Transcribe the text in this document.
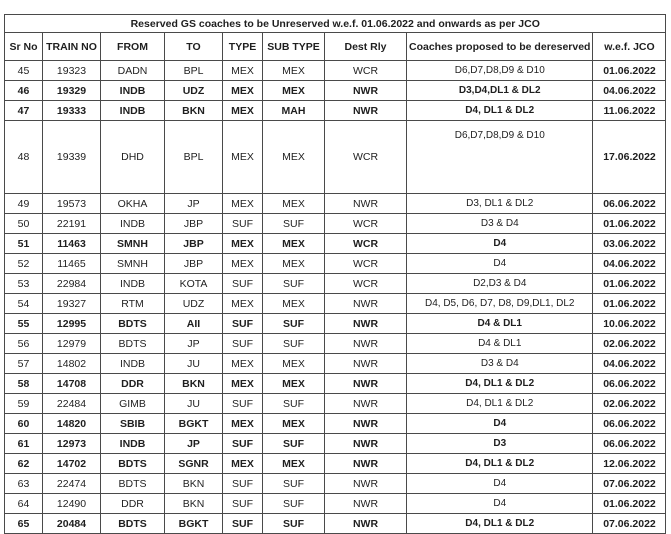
Reserved GS coaches to be Unreserved w.e.f. 01.06.2022 and onwards as per JCO								
Sr No	TRAIN NO	FROM	TO	TYPE	SUB TYPE	Dest Rly	Coaches proposed to be dereserved	w.e.f. JCO
45	19323	DADN	BPL	MEX	MEX	WCR	D6,D7,D8,D9 & D10	01.06.2022
46	19329	INDB	UDZ	MEX	MEX	NWR	D3,D4,DL1 & DL2	04.06.2022
47	19333	INDB	BKN	MEX	MAH	NWR	D4, DL1 & DL2	11.06.2022
48	19339	DHD	BPL	MEX	MEX	WCR	D6,D7,D8,D9 & D10	17.06.2022
49	19573	OKHA	JP	MEX	MEX	NWR	D3, DL1 & DL2	06.06.2022
50	22191	INDB	JBP	SUF	SUF	WCR	D3 & D4	01.06.2022
51	11463	SMNH	JBP	MEX	MEX	WCR	D4	03.06.2022
52	11465	SMNH	JBP	MEX	MEX	WCR	D4	04.06.2022
53	22984	INDB	KOTA	SUF	SUF	WCR	D2,D3 & D4	01.06.2022
54	19327	RTM	UDZ	MEX	MEX	NWR	D4, D5, D6, D7, D8, D9,DL1, DL2	01.06.2022
55	12995	BDTS	AII	SUF	SUF	NWR	D4 & DL1	10.06.2022
56	12979	BDTS	JP	SUF	SUF	NWR	D4 & DL1	02.06.2022
57	14802	INDB	JU	MEX	MEX	NWR	D3 & D4	04.06.2022
58	14708	DDR	BKN	MEX	MEX	NWR	D4, DL1 & DL2	06.06.2022
59	22484	GIMB	JU	SUF	SUF	NWR	D4, DL1 & DL2	02.06.2022
60	14820	SBIB	BGKT	MEX	MEX	NWR	D4	06.06.2022
61	12973	INDB	JP	SUF	SUF	NWR	D3	06.06.2022
62	14702	BDTS	SGNR	MEX	MEX	NWR	D4, DL1 & DL2	12.06.2022
63	22474	BDTS	BKN	SUF	SUF	NWR	D4	07.06.2022
64	12490	DDR	BKN	SUF	SUF	NWR	D4	01.06.2022
65	20484	BDTS	BGKT	SUF	SUF	NWR	D4, DL1 & DL2	07.06.2022
